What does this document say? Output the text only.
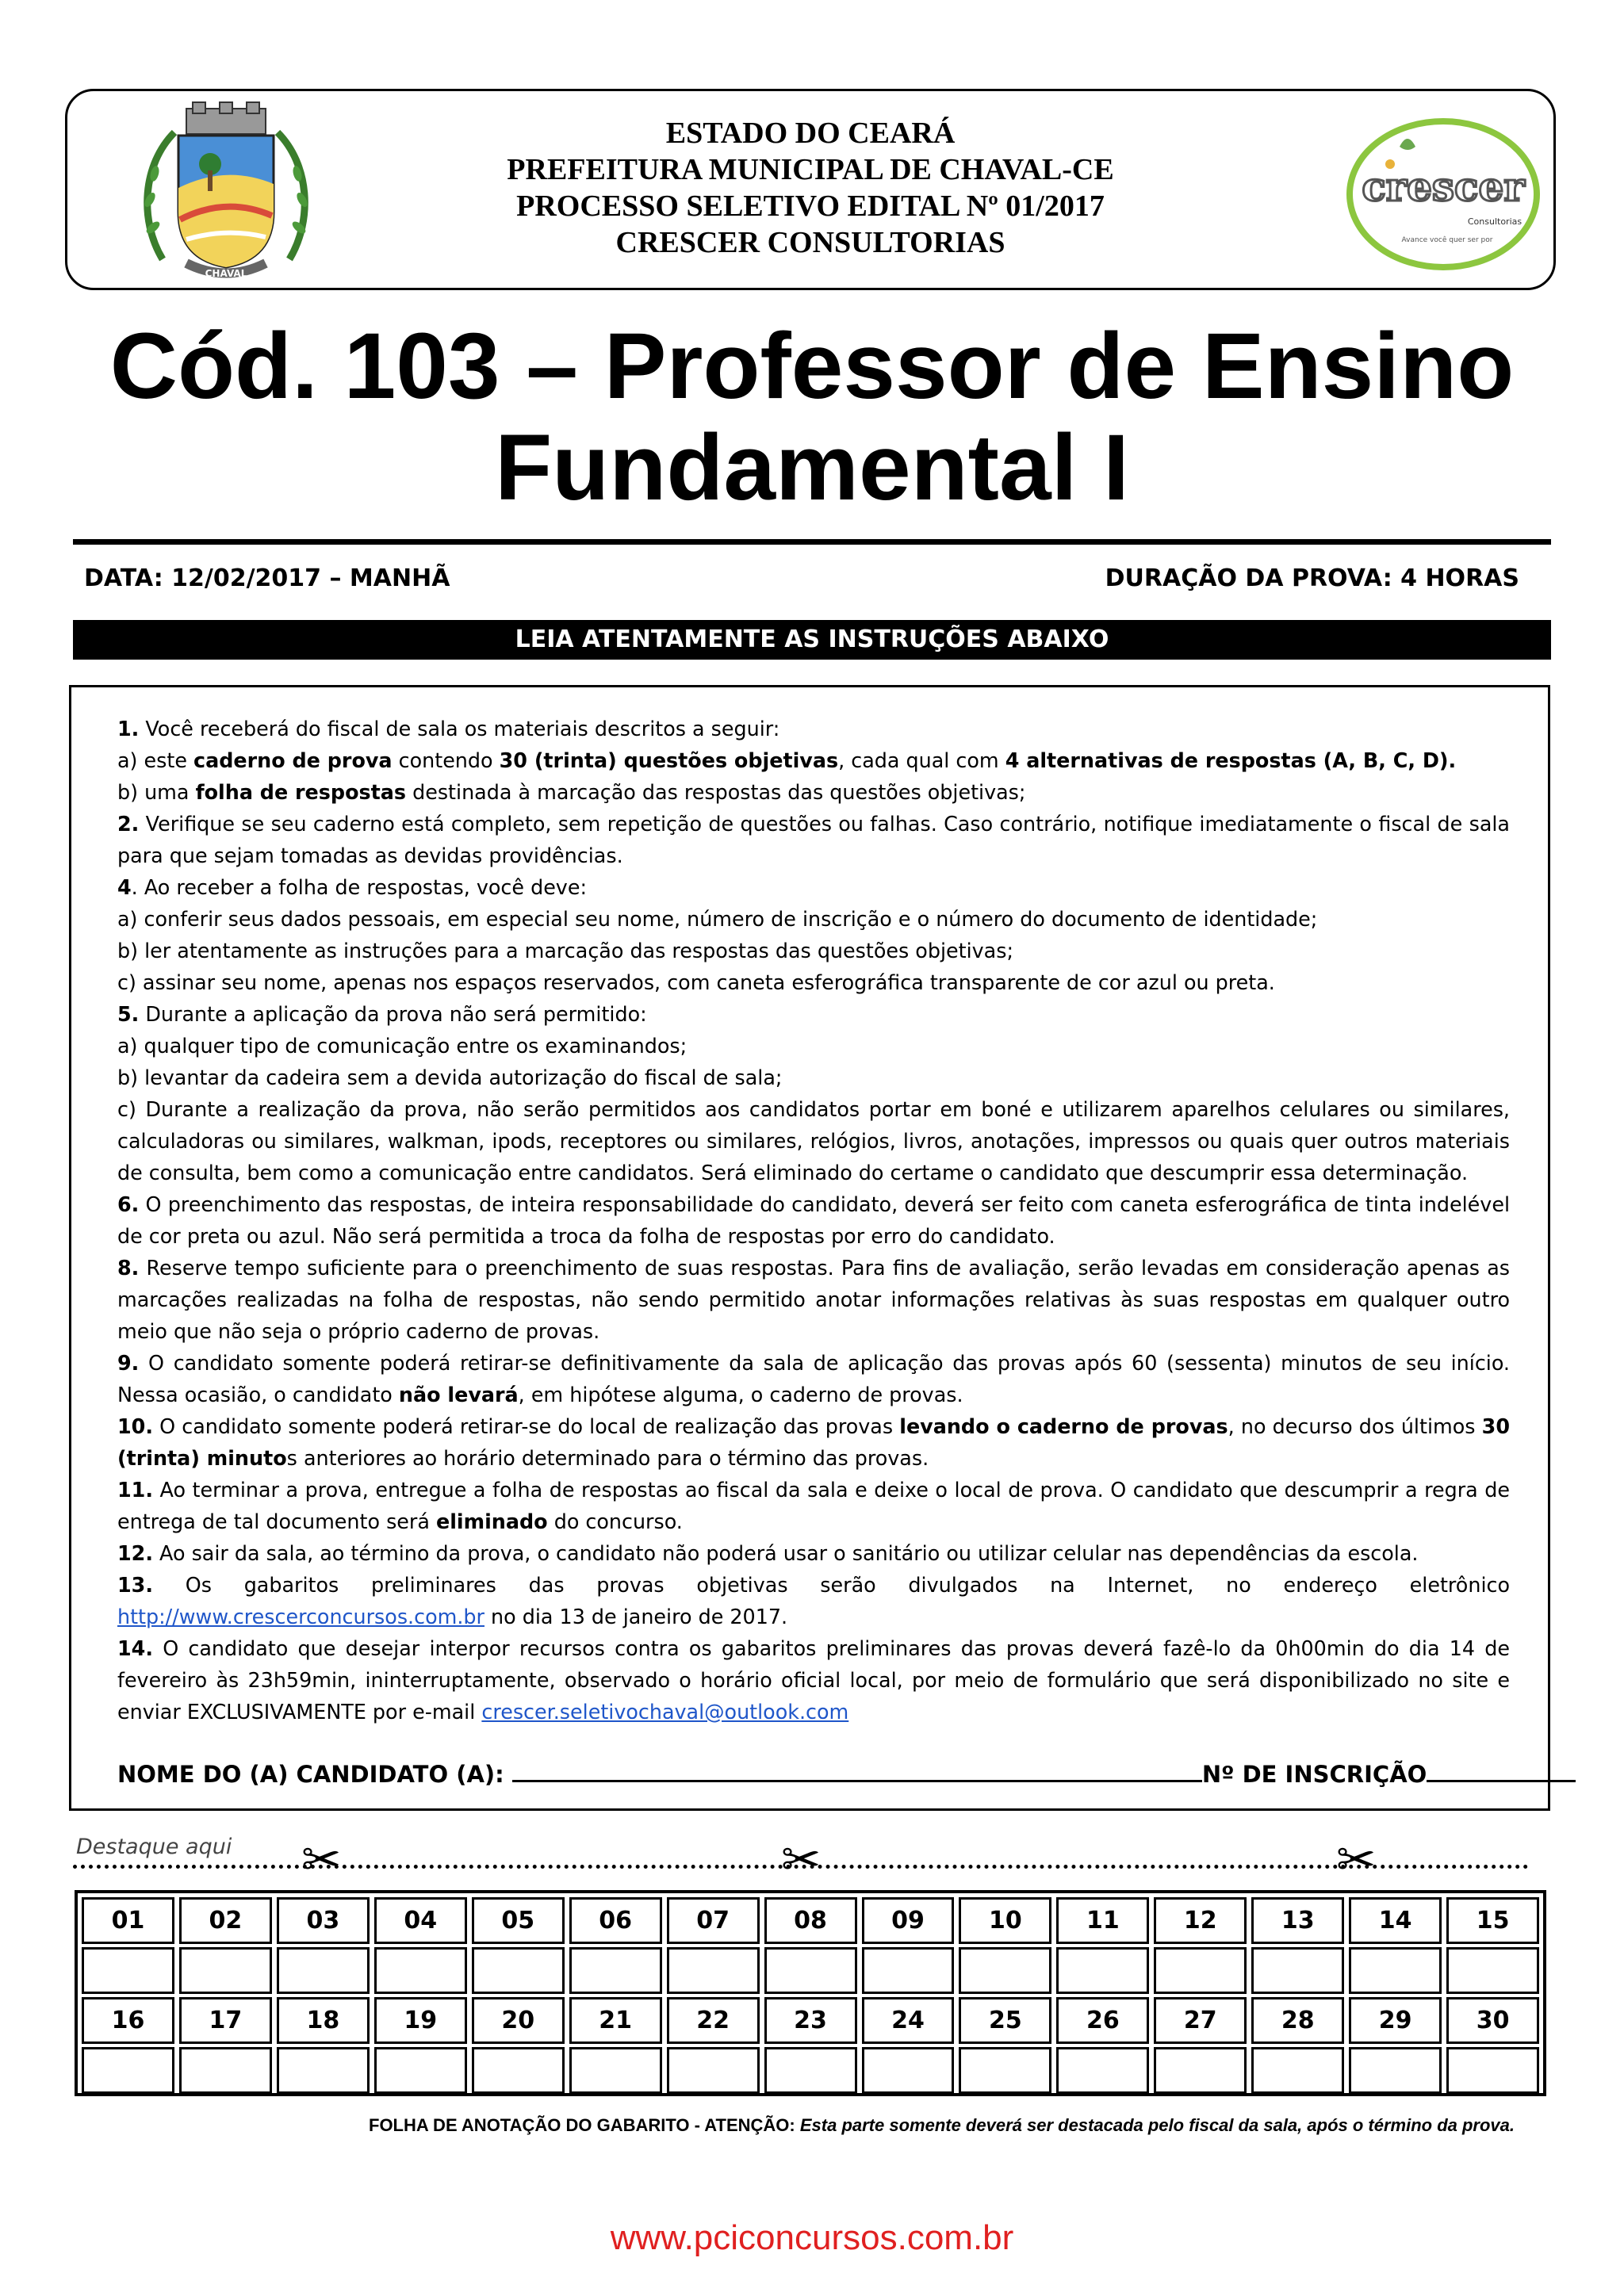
CHAVAL
ESTADO DO CEARÁ
PREFEITURA MUNICIPAL DE CHAVAL-CE
PROCESSO SELETIVO EDITAL Nº 01/2017
CRESCER CONSULTORIAS
crescer
Consultorias
Avance você quer ser por
Cód. 103 – Professor de Ensino
Fundamental I
DATA: 12/02/2017 – MANHÃ	DURAÇÃO DA PROVA: 4 HORAS
LEIA ATENTAMENTE AS INSTRUÇÕES ABAIXO

1. Você receberá do fiscal de sala os materiais descritos a seguir:

a) este caderno de prova contendo 30 (trinta) questões objetivas, cada qual com 4 alternativas de respostas (A, B, C, D).

b) uma folha de respostas destinada à marcação das respostas das questões objetivas;

2. Verifique se seu caderno está completo, sem repetição de questões ou falhas. Caso contrário, notifique imediatamente o fiscal de sala para que sejam tomadas as devidas providências.

4. Ao receber a folha de respostas, você deve:

a) conferir seus dados pessoais, em especial seu nome, número de inscrição e o número do documento de identidade;

b) ler atentamente as instruções para a marcação das respostas das questões objetivas;

c) assinar seu nome, apenas nos espaços reservados, com caneta esferográfica transparente de cor azul ou preta.

5. Durante a aplicação da prova não será permitido:

a) qualquer tipo de comunicação entre os examinandos;

b) levantar da cadeira sem a devida autorização do fiscal de sala;

c) Durante a realização da prova, não serão permitidos aos candidatos portar em boné e utilizarem aparelhos celulares ou similares, calculadoras ou similares, walkman, ipods, receptores ou similares, relógios, livros, anotações, impressos ou quais quer outros materiais de consulta, bem como a comunicação entre candidatos. Será eliminado do certame o candidato que descumprir essa determinação.

6. O preenchimento das respostas, de inteira responsabilidade do candidato, deverá ser feito com caneta esferográfica de tinta indelével de cor preta ou azul. Não será permitida a troca da folha de respostas por erro do candidato.

8. Reserve tempo suficiente para o preenchimento de suas respostas. Para fins de avaliação, serão levadas em consideração apenas as marcações realizadas na folha de respostas, não sendo permitido anotar informações relativas às suas respostas em qualquer outro meio que não seja o próprio caderno de provas.

9. O candidato somente poderá retirar-se definitivamente da sala de aplicação das provas após 60 (sessenta) minutos de seu início. Nessa ocasião, o candidato não levará, em hipótese alguma, o caderno de provas.

10. O candidato somente poderá retirar-se do local de realização das provas levando o caderno de provas, no decurso dos últimos 30 (trinta) minutos anteriores ao horário determinado para o término das provas.

11. Ao terminar a prova, entregue a folha de respostas ao fiscal da sala e deixe o local de prova. O candidato que descumprir a regra de entrega de tal documento será eliminado do concurso.

12. Ao sair da sala, ao término da prova, o candidato não poderá usar o sanitário ou utilizar celular nas dependências da escola.

13. Os gabaritos preliminares das provas objetivas serão divulgados na Internet, no endereço eletrônico http://www.crescerconcursos.com.br no dia 13 de janeiro de 2017.

14. O candidato que desejar interpor recursos contra os gabaritos preliminares das provas deverá fazê-lo da 0h00min do dia 14 de fevereiro às 23h59min, ininterruptamente, observado o horário oficial local, por meio de formulário que será disponibilizado no site e enviar EXCLUSIVAMENTE por e-mail crescer.seletivochaval@outlook.com

NOME DO (A) CANDIDATO (A):	Nº DE INSCRIÇÃO
Destaque aqui ✂	✂	✂
01	02	03	04	05	06	07	08	09	10	11	12	13	14	15
16	17	18	19	20	21	22	23	24	25	26	27	28	29	30
FOLHA DE ANOTAÇÃO DO GABARITO - ATENÇÃO: Esta parte somente deverá ser destacada pelo fiscal da sala, após o término da prova.
www.pciconcursos.com.br
